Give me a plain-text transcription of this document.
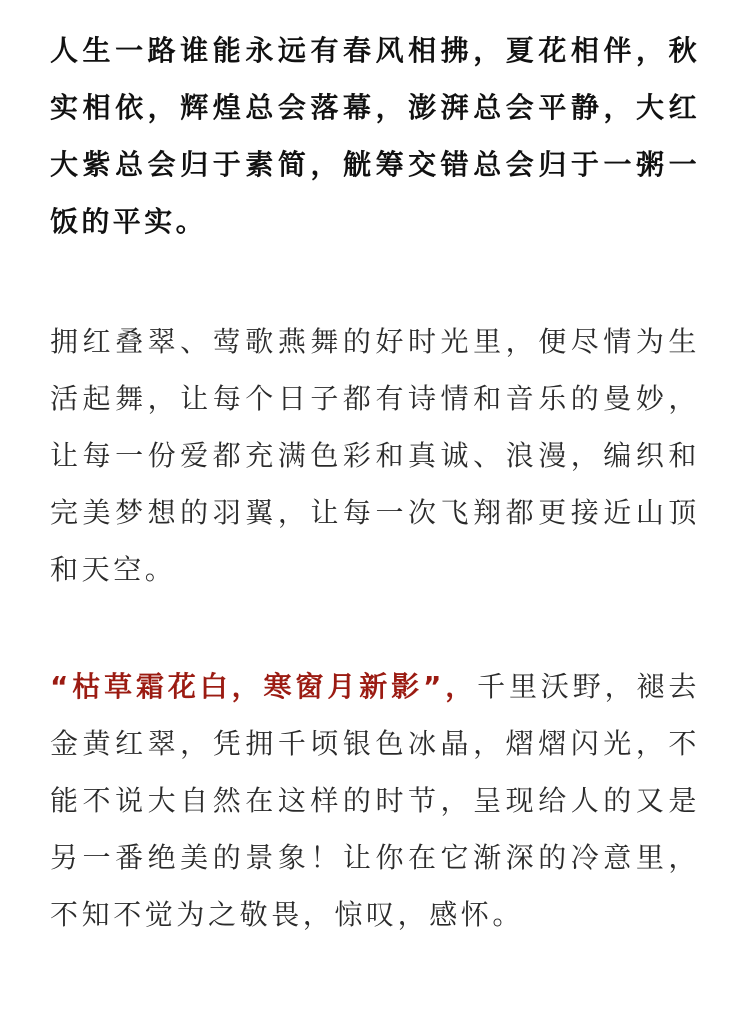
人生一路谁能永远有春风相拂，夏花相伴，秋实相依，辉煌总会落幕，澎湃总会平静，大红大紫总会归于素简，觥筹交错总会归于一粥一饭的平实。

拥红叠翠、莺歌燕舞的好时光里，便尽情为生活起舞，让每个日子都有诗情和音乐的曼妙，让每一份爱都充满色彩和真诚、浪漫，编织和完美梦想的羽翼，让每一次飞翔都更接近山顶和天空。

“枯草霜花白，寒窗月新影”，千里沃野，褪去金黄红翠，凭拥千顷银色冰晶，熠熠闪光，不能不说大自然在这样的时节，呈现给人的又是另一番绝美的景象！让你在它渐深的冷意里，不知不觉为之敬畏，惊叹，感怀。
